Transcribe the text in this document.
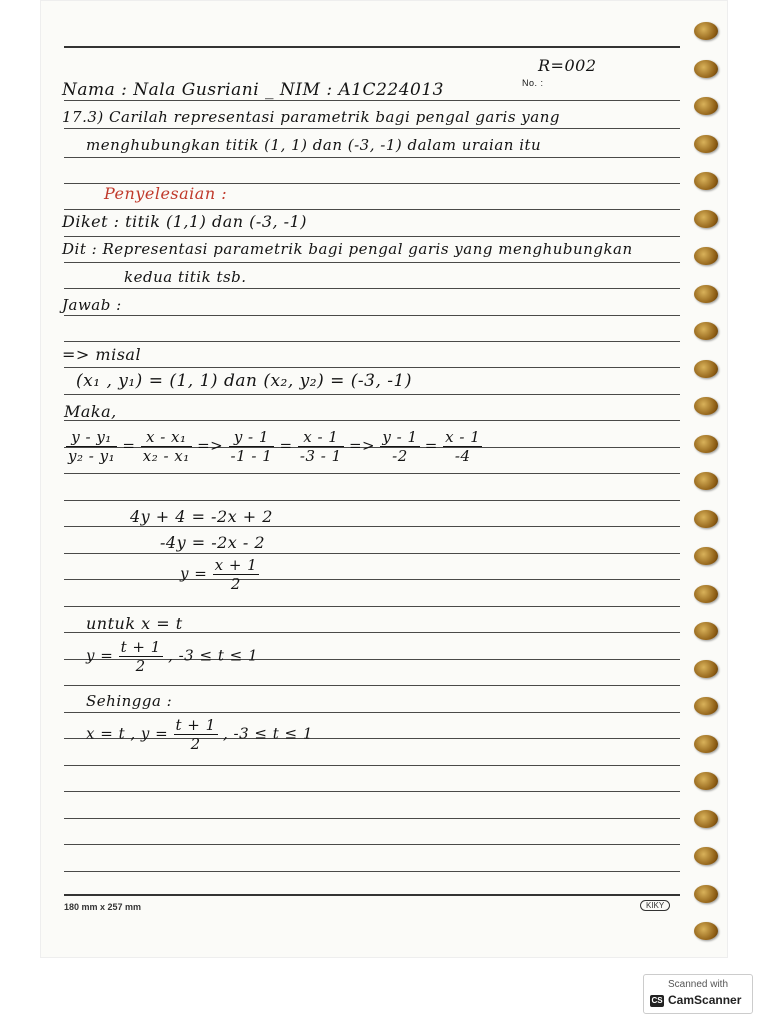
R=002
No. :
Nama : Nala Gusriani _ NIM : A1C224013
17.3) Carilah representasi parametrik bagi pengal garis yang
menghubungkan titik (1, 1) dan (-3, -1) dalam uraian itu
Penyelesaian :
Diket : titik (1,1) dan (-3, -1)
Dit : Representasi parametrik bagi pengal garis yang menghubungkan
kedua titik tsb.
Jawab :
=> misal
(x₁ , y₁) = (1, 1) dan (x₂, y₂) = (-3, -1)
Maka,
$\frac{\text{y - y₁}}{\text{y₂ - y₁}} = \frac{\text{x - x₁}}{\text{x₂ - x₁}} => \frac{y - 1}{-1 - 1} = \frac{x - 1}{-3 - 1} => \frac{y - 1}{-2} = \frac{x - 1}{-4}$
4y + 4 = -2x + 2
-4y = -2x - 2
$y = \frac{x + 1}{2}$
untuk x = t
$y = \frac{t + 1}{2}$ , -3 ≤ t ≤ 1
Sehingga :
x = t , $y = \frac{t + 1}{2}$ , -3 ≤ t ≤ 1
180 mm x 257 mm	KIKY
Scanned with
CS CamScanner
